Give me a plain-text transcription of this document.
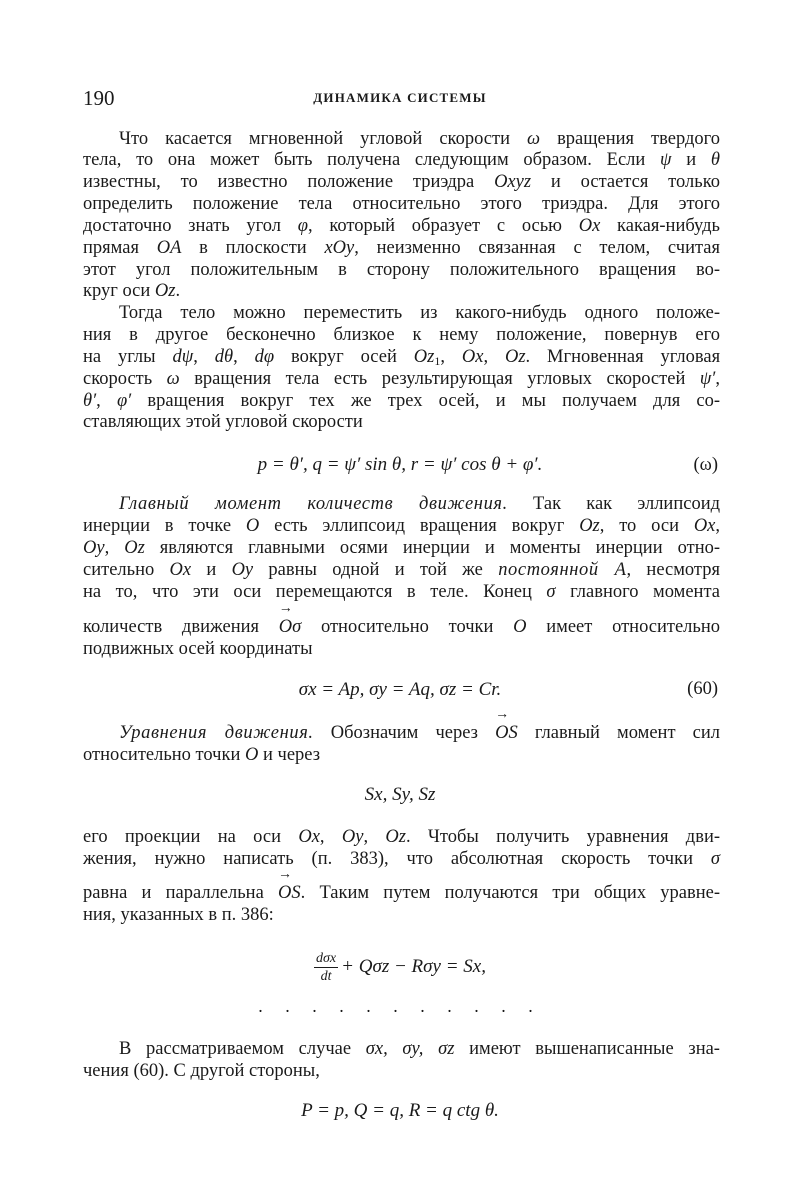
190	ДИНАМИКА СИСТЕМЫ
Что касается мгновенной угловой скорости ω вращения твердого
тела, то она может быть получена следующим образом. Если ψ и θ
известны, то известно положение триэдра Oxyz и остается только
определить положение тела относительно этого триэдра. Для этого
достаточно знать угол φ, который образует с осью Ox какая-нибудь
прямая OA в плоскости xOy, неизменно связанная с телом, считая
этот угол положительным в сторону положительного вращения во-
круг оси Oz.
Тогда тело можно переместить из какого-нибудь одного положе-
ния в другое бесконечно близкое к нему положение, повернув его
на углы dψ, dθ, dφ вокруг осей $Oz_1$, Ox, Oz. Мгновенная угловая
скорость ω вращения тела есть результирующая угловых скоростей ψ′,
θ′, φ′ вращения вокруг тех же трех осей, и мы получаем для со-
ставляющих этой угловой скорости
p = θ′, q = ψ′ sin θ, r = ψ′ cos θ + φ′.	(ω)
Главный момент количеств движения. Так как эллипсоид
инерции в точке O есть эллипсоид вращения вокруг Oz, то оси Ox,
Oy, Oz являются главными осями инерции и моменты инерции отно-
сительно Ox и Oy равны одной и той же постоянной A, несмотря
на то, что эти оси перемещаются в теле. Конец σ главного момента
количеств движения → Oσ относительно точки O имеет относительно
подвижных осей координаты
σx = Ap, σy = Aq, σz = Cr.	(60)
Уравнения движения. Обозначим через → OS главный момент сил
относительно точки O и через
Sx, Sy, Sz
его проекции на оси Ox, Oy, Oz. Чтобы получить уравнения дви-
жения, нужно написать (п. 383), что абсолютная скорость точки σ
равна и параллельна → OS. Таким путем получаются три общих уравне-
ния, указанных в п. 386:
$\frac{\text{dσx}}{dt} + Q\sigma z - R\sigma y = Sx$,
. . . . . . . . . . .
В рассматриваемом случае σx, σy, σz имеют вышенаписанные зна-
чения (60). С другой стороны,
P = p, Q = q, R = q ctg θ.
